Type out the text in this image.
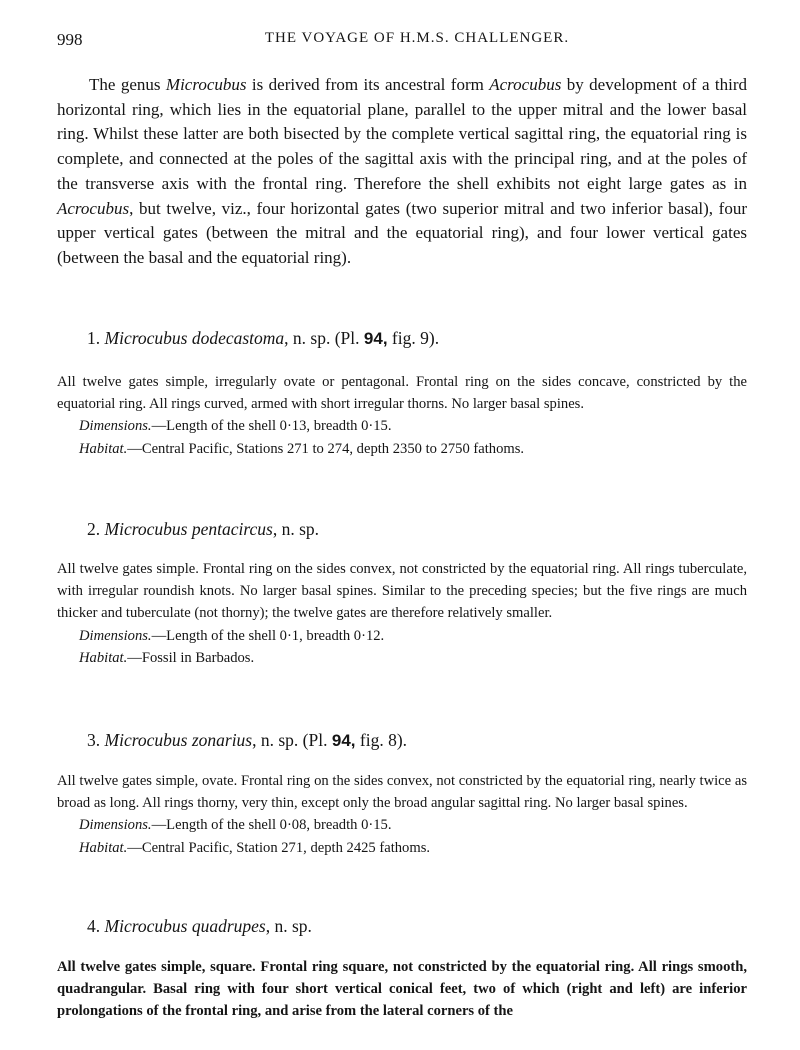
998	THE VOYAGE OF H.M.S. CHALLENGER.

The genus Microcubus is derived from its ancestral form Acrocubus by development of a third horizontal ring, which lies in the equatorial plane, parallel to the upper mitral and the lower basal ring. Whilst these latter are both bisected by the complete vertical sagittal ring, the equatorial ring is complete, and connected at the poles of the sagittal axis with the principal ring, and at the poles of the transverse axis with the frontal ring. Therefore the shell exhibits not eight large gates as in Acrocubus, but twelve, viz., four horizontal gates (two superior mitral and two inferior basal), four upper vertical gates (between the mitral and the equatorial ring), and four lower vertical gates (between the basal and the equatorial ring).

1. Microcubus dodecastoma, n. sp. (Pl. 94, fig. 9).

All twelve gates simple, irregularly ovate or pentagonal. Frontal ring on the sides concave, constricted by the equatorial ring. All rings curved, armed with short irregular thorns. No larger basal spines.

Dimensions.—Length of the shell 0·13, breadth 0·15.

Habitat.—Central Pacific, Stations 271 to 274, depth 2350 to 2750 fathoms.

2. Microcubus pentacircus, n. sp.

All twelve gates simple. Frontal ring on the sides convex, not constricted by the equatorial ring. All rings tuberculate, with irregular roundish knots. No larger basal spines. Similar to the preceding species; but the five rings are much thicker and tuberculate (not thorny); the twelve gates are therefore relatively smaller.

Dimensions.—Length of the shell 0·1, breadth 0·12.

Habitat.—Fossil in Barbados.

3. Microcubus zonarius, n. sp. (Pl. 94, fig. 8).

All twelve gates simple, ovate. Frontal ring on the sides convex, not constricted by the equatorial ring, nearly twice as broad as long. All rings thorny, very thin, except only the broad angular sagittal ring. No larger basal spines.

Dimensions.—Length of the shell 0·08, breadth 0·15.

Habitat.—Central Pacific, Station 271, depth 2425 fathoms.

4. Microcubus quadrupes, n. sp.

All twelve gates simple, square. Frontal ring square, not constricted by the equatorial ring. All rings smooth, quadrangular. Basal ring with four short vertical conical feet, two of which (right and left) are inferior prolongations of the frontal ring, and arise from the lateral corners of the
